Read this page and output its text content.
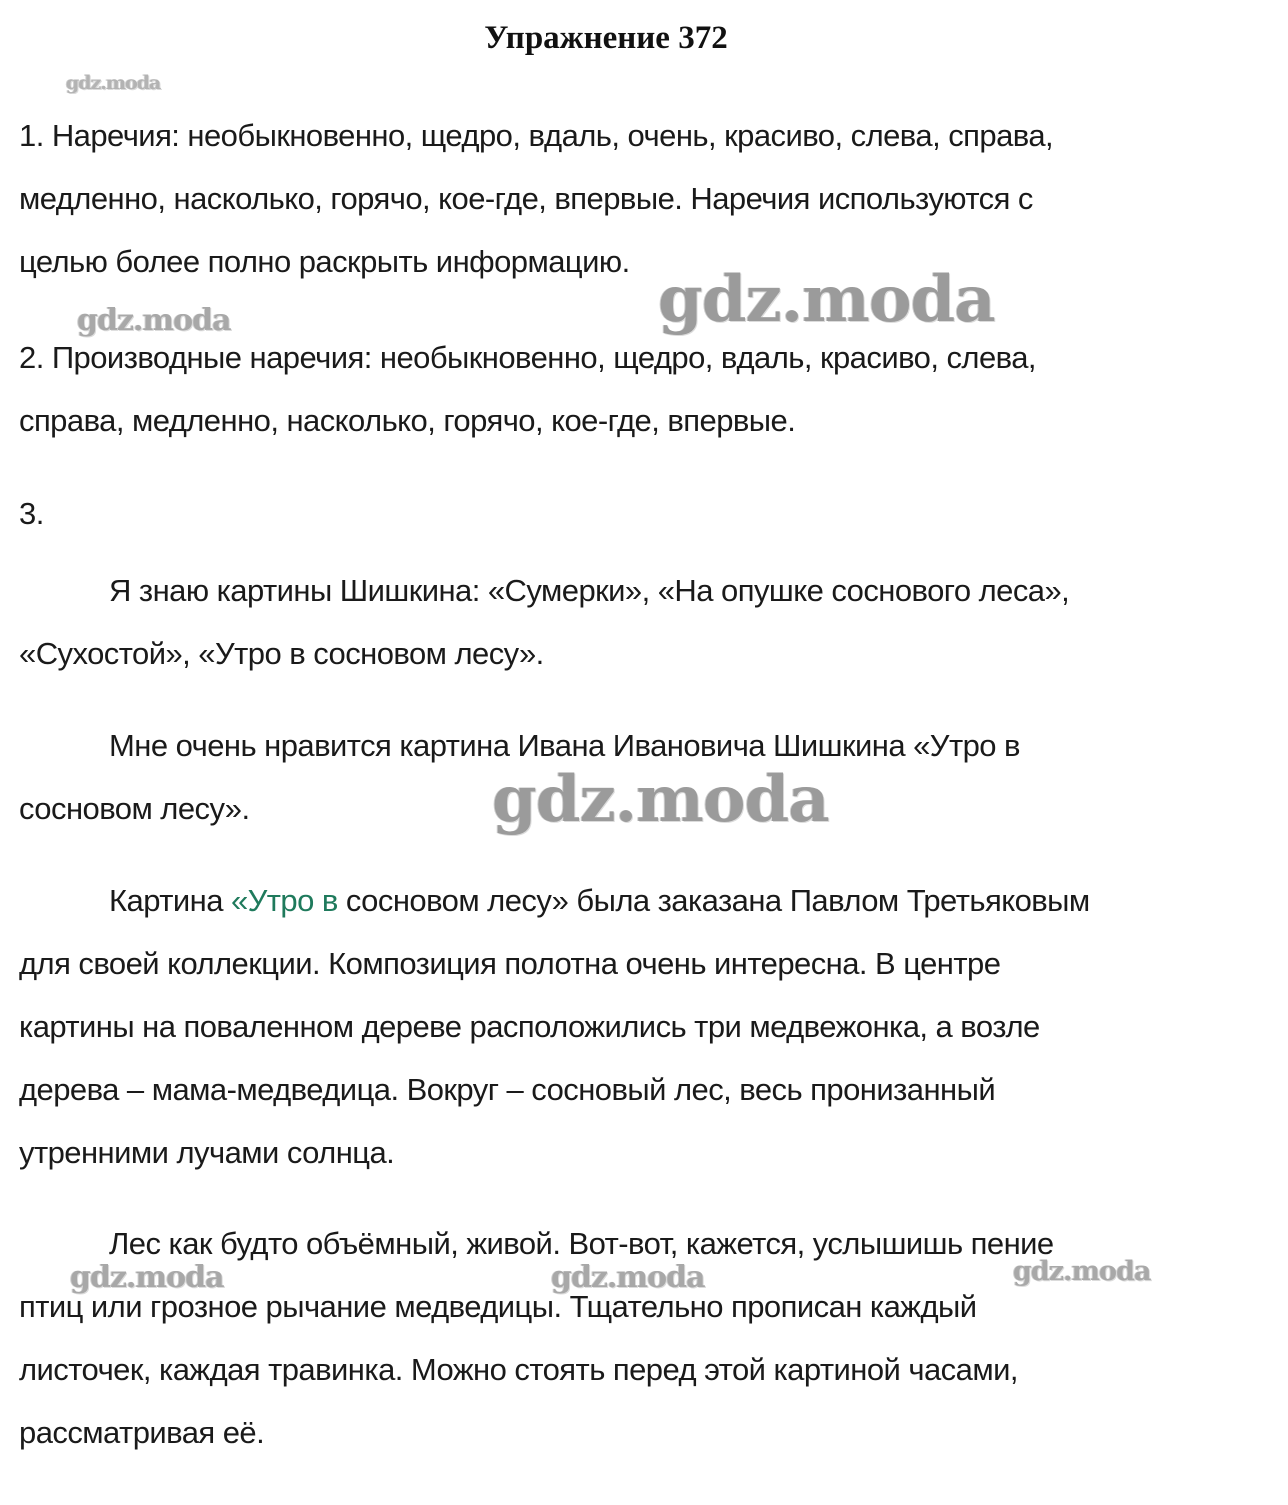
Упражнение 372
gdz.moda
gdz.moda	gdz.moda
gdz.moda
gdz.moda	gdz.moda	gdz.moda
1. Наречия: необыкновенно, щедро, вдаль, очень, красиво, слева, справа,
медленно, насколько, горячо, кое-где, впервые. Наречия используются с
целью более полно раскрыть информацию.
2. Производные наречия: необыкновенно, щедро, вдаль, красиво, слева,
справа, медленно, насколько, горячо, кое-где, впервые.
3.
Я знаю картины Шишкина: «Сумерки», «На опушке соснового леса»,
«Сухостой», «Утро в сосновом лесу».
Мне очень нравится картина Ивана Ивановича Шишкина «Утро в
сосновом лесу».
Картина «Утро в сосновом лесу» была заказана Павлом Третьяковым
для своей коллекции. Композиция полотна очень интересна. В центре
картины на поваленном дереве расположились три медвежонка, а возле
дерева – мама-медведица. Вокруг – сосновый лес, весь пронизанный
утренними лучами солнца.
Лес как будто объёмный, живой. Вот-вот, кажется, услышишь пение
птиц или грозное рычание медведицы. Тщательно прописан каждый
листочек, каждая травинка. Можно стоять перед этой картиной часами,
рассматривая её.
